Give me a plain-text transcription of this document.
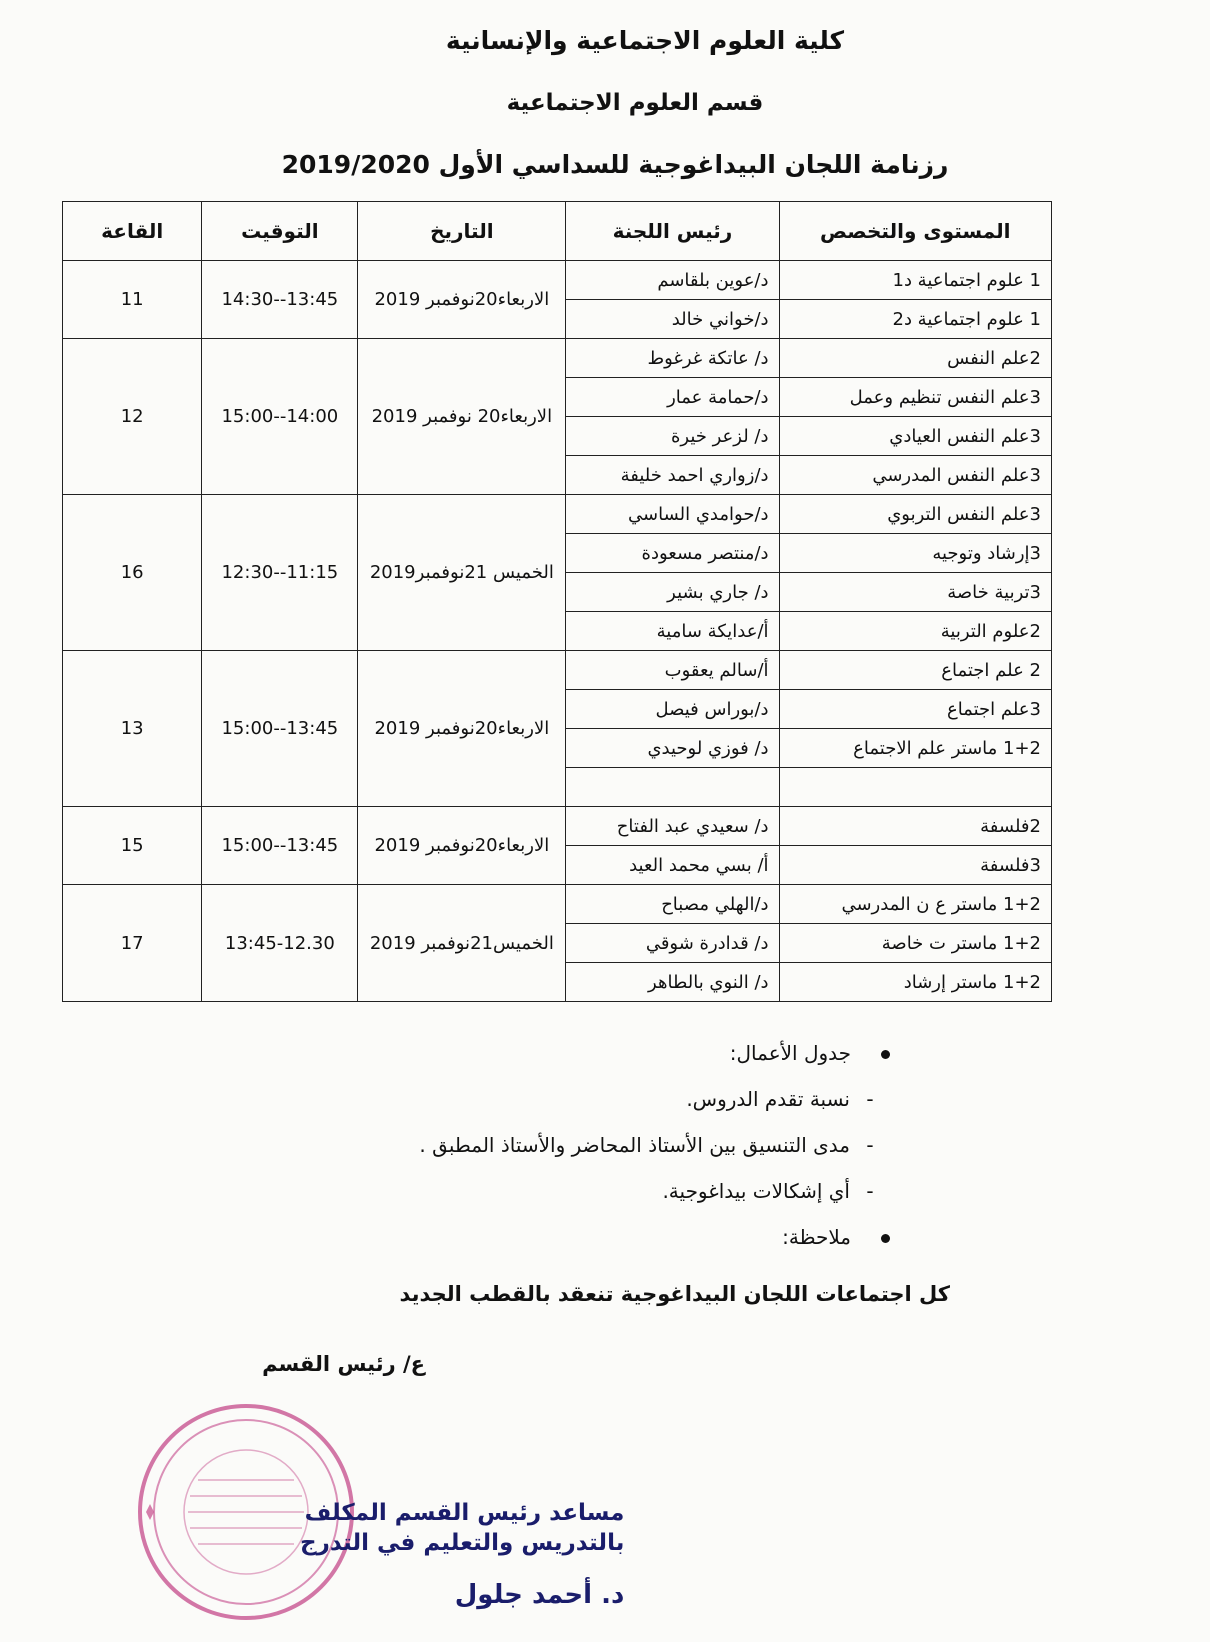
كلية العلوم الاجتماعية والإنسانية
قسم العلوم الاجتماعية
رزنامة اللجان البيداغوجية للسداسي الأول 2019/2020
المستوى والتخصص	رئيس اللجنة	التاريخ	التوقيت	القاعة
1 علوم اجتماعية د1	د/عوين بلقاسم	الاربعاء20نوفمبر 2019	14:30--13:45	11
1 علوم اجتماعية د2	د/خواني خالد			
2علم النفس	د/ عاتكة غرغوط	الاربعاء20 نوفمبر 2019	15:00--14:00	12
3علم النفس تنظيم وعمل	د/حمامة عمار			
3علم النفس العيادي	د/ لزعر خيرة			
3علم النفس المدرسي	د/زواري احمد خليفة			
3علم النفس التربوي	د/حوامدي الساسي	الخميس 21نوفمبر2019	12:30--11:15	16
3إرشاد وتوجيه	د/منتصر مسعودة			
3تربية خاصة	د/ جاري بشير			
2علوم التربية	أ/عدايكة سامية			
2 علم اجتماع	أ/سالم يعقوب	الاربعاء20نوفمبر 2019	15:00--13:45	13
3علم اجتماع	د/بوراس فيصل			
1+2 ماستر علم الاجتماع	د/ فوزي لوحيدي			

2فلسفة	د/ سعيدي عبد الفتاح	الاربعاء20نوفمبر 2019	15:00--13:45	15
3فلسفة	أ/ بسي محمد العيد			
1+2 ماستر ع ن المدرسي	د/الهلي مصباح	الخميس21نوفمبر 2019	13:45-12.30	17
1+2 ماستر ت خاصة	د/ قدادرة شوقي			
1+2 ماستر إرشاد	د/ النوي بالطاهر			
جدول الأعمال:
-نسبة تقدم الدروس.
-مدى التنسيق بين الأستاذ المحاضر والأستاذ المطبق .
-أي إشكالات بيداغوجية.
ملاحظة:
كل اجتماعات اللجان البيداغوجية تنعقد بالقطب الجديد
ع/ رئيس القسم
مساعد رئيس القسم المكلف
بالتدريس والتعليم في التدرج
د. أحمد جلول
